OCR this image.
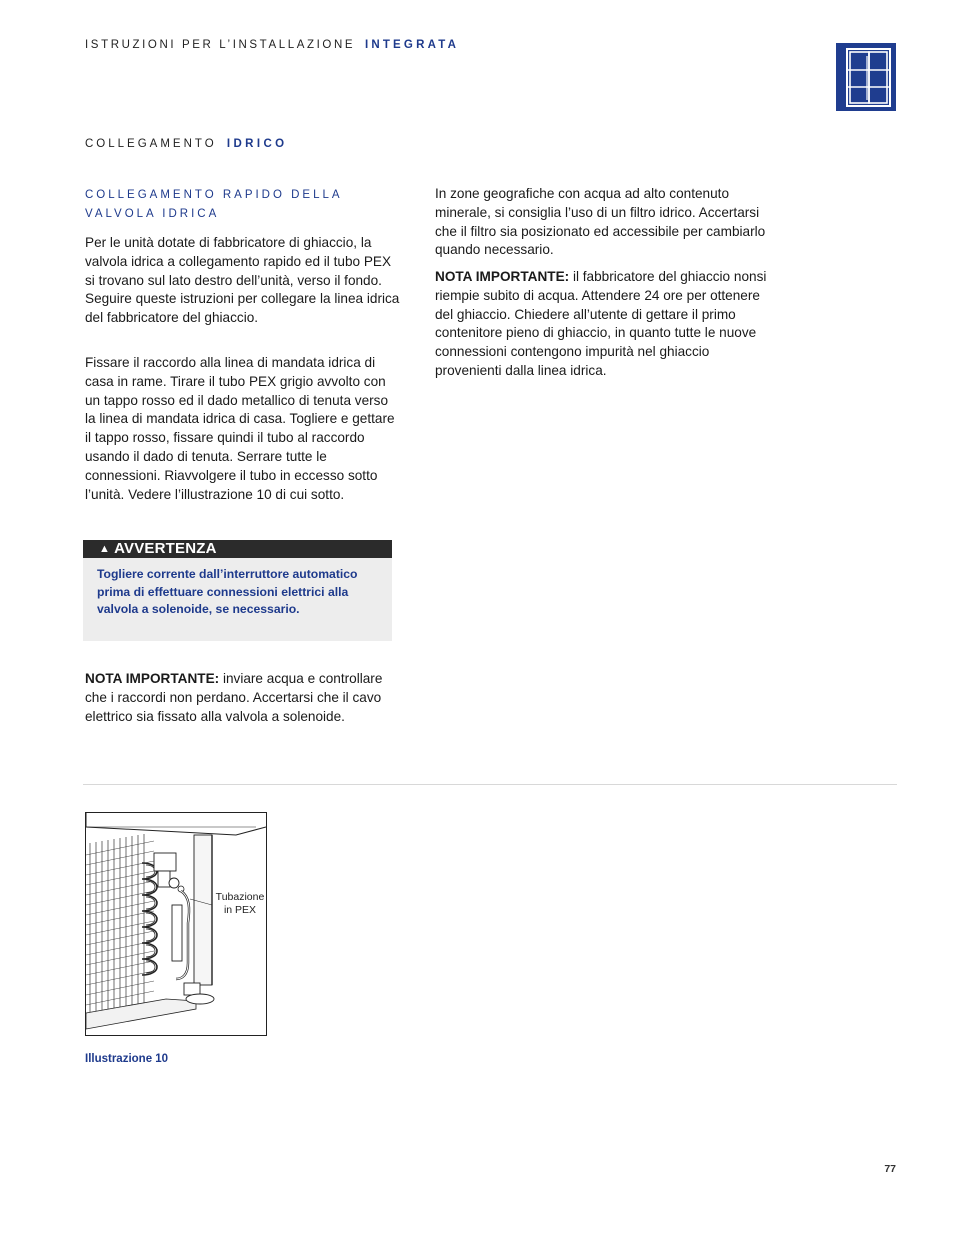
ISTRUZIONI PER L’INSTALLAZIONE INTEGRATA
COLLEGAMENTO IDRICO
COLLEGAMENTO RAPIDO DELLA
VALVOLA IDRICA

Per le unità dotate di fabbricatore di ghiaccio, la valvola idrica a collegamento rapido ed il tubo PEX si trovano sul lato destro dell’unità, verso il fondo. Seguire queste istruzioni per collegare la linea idrica del fabbricatore del ghiaccio.

Fissare il raccordo alla linea di mandata idrica di casa in rame. Tirare il tubo PEX grigio avvolto con un tappo rosso ed il dado metallico di tenuta verso la linea di mandata idrica di casa. Togliere e gettare il tappo rosso, fissare quindi il tubo al raccordo usando il dado di tenuta. Serrare tutte le connessioni. Riavvolgere il tubo in eccesso sotto l’unità. Vedere l’illustrazione 10 di cui sotto.

▲ AVVERTENZA
Togliere corrente dall’interruttore automatico prima di effettuare connessioni elettrici alla valvola a solenoide, se necessario.

NOTA IMPORTANTE: inviare acqua e controllare che i raccordi non perdano. Accertarsi che il cavo elettrico sia fissato alla valvola a solenoide.

In zone geografiche con acqua ad alto contenuto minerale, si consiglia l’uso di un filtro idrico. Accertarsi che il filtro sia posizionato ed accessibile per cambiarlo quando necessario.

NOTA IMPORTANTE: il fabbricatore del ghiaccio nonsi riempie subito di acqua. Attendere 24 ore per ottenere del ghiaccio. Chiedere all’utente di gettare il primo contenitore pieno di ghiaccio, in quanto tutte le nuove connessioni contengono impurità nel ghiaccio provenienti dalla linea idrica.

Tubazione
in PEX
Illustrazione 10
77
